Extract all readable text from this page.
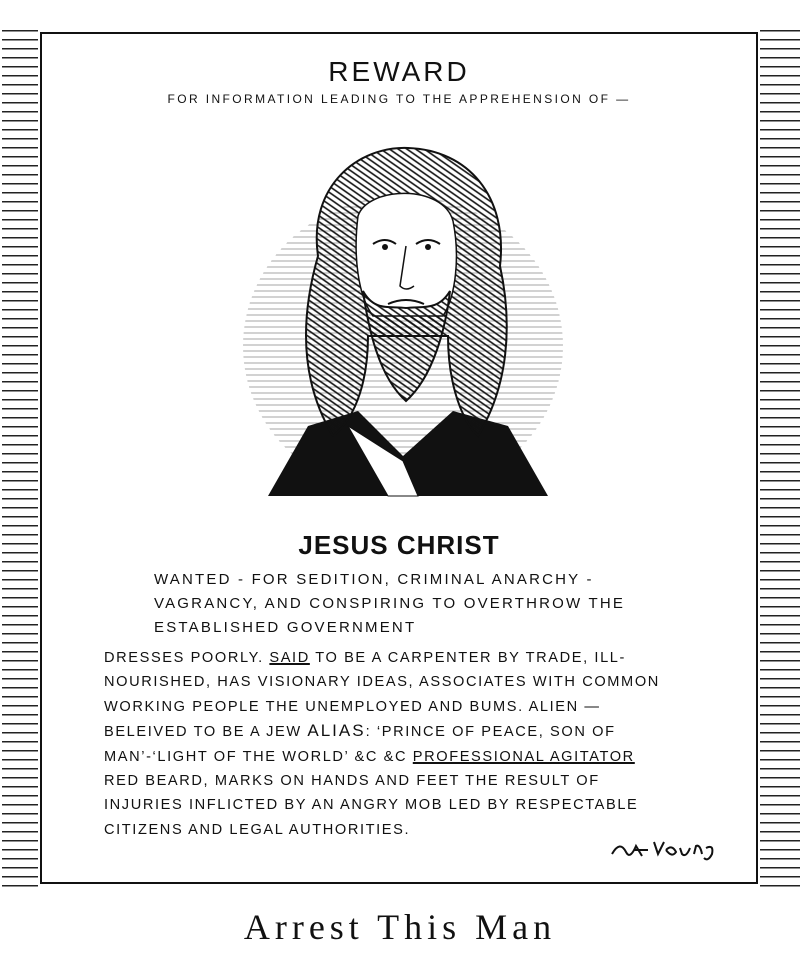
REWARD
FOR INFORMATION LEADING TO THE APPREHENSION OF —
JESUS CHRIST
WANTED - FOR SEDITION, CRIMINAL ANARCHY -
VAGRANCY, AND CONSPIRING TO OVERTHROW THE
ESTABLISHED GOVERNMENT
DRESSES POORLY. SAID TO BE A CARPENTER BY TRADE, ILL-
NOURISHED, HAS VISIONARY IDEAS, ASSOCIATES WITH COMMON
WORKING PEOPLE THE UNEMPLOYED AND BUMS. ALIEN —
BELEIVED TO BE A JEW ALIAS: ‘PRINCE OF PEACE, SON OF
MAN’-‘LIGHT OF THE WORLD’ &C &C PROFESSIONAL AGITATOR
RED BEARD, MARKS ON HANDS AND FEET THE RESULT OF
INJURIES INFLICTED BY AN ANGRY MOB LED BY RESPECTABLE
CITIZENS AND LEGAL AUTHORITIES.
Arrest This Man
